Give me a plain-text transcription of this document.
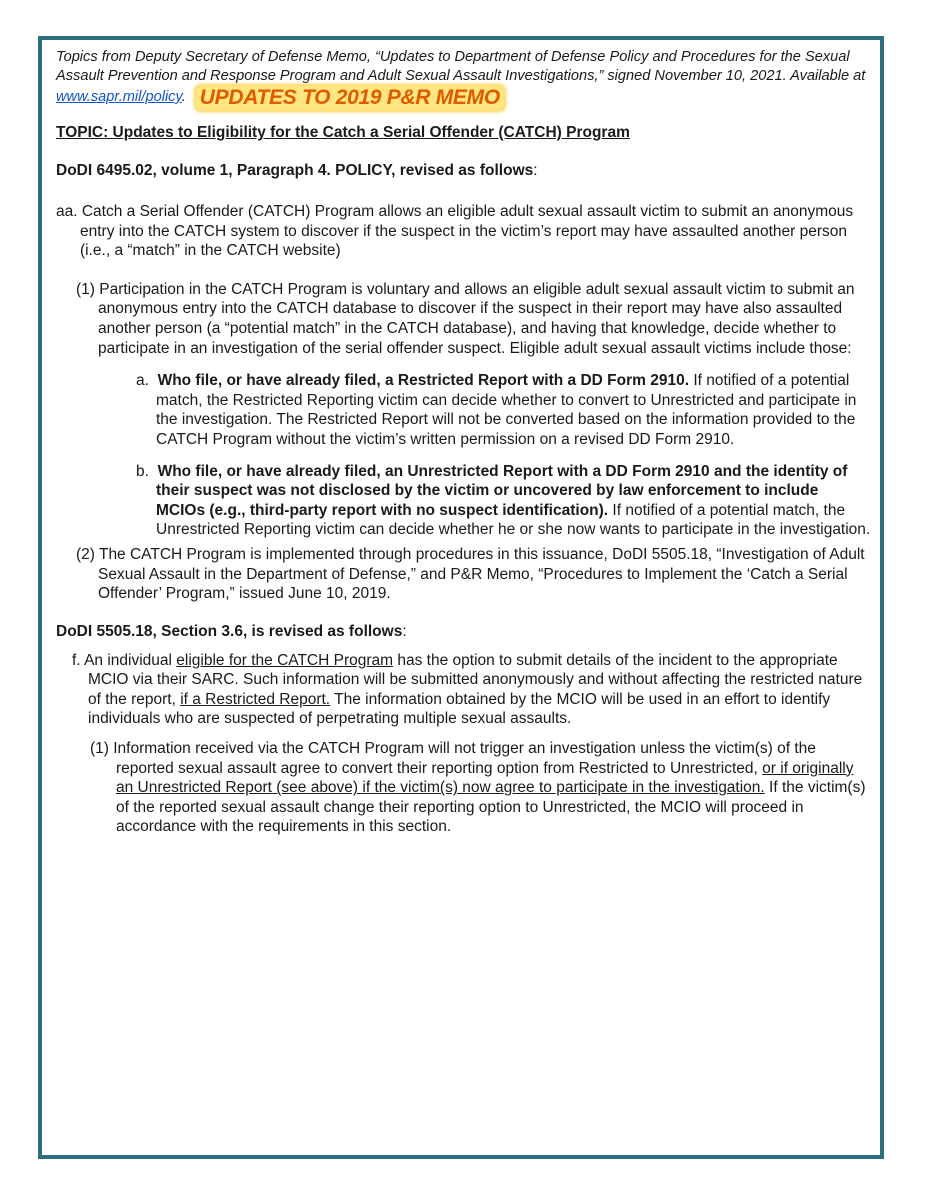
Topics from Deputy Secretary of Defense Memo, “Updates to Department of Defense Policy and Procedures for the Sexual Assault Prevention and Response Program and Adult Sexual Assault Investigations,” signed November 10, 2021. Available at www.sapr.mil/policy. UPDATES TO 2019 P&R MEMO

TOPIC: Updates to Eligibility for the Catch a Serial Offender (CATCH) Program

DoDI 6495.02, volume 1, Paragraph 4. POLICY, revised as follows:

aa. Catch a Serial Offender (CATCH) Program allows an eligible adult sexual assault victim to submit an anonymous entry into the CATCH system to discover if the suspect in the victim’s report may have assaulted another person (i.e., a “match” in the CATCH website)

(1) Participation in the CATCH Program is voluntary and allows an eligible adult sexual assault victim to submit an anonymous entry into the CATCH database to discover if the suspect in their report may have also assaulted another person (a “potential match” in the CATCH database), and having that knowledge, decide whether to participate in an investigation of the serial offender suspect. Eligible adult sexual assault victims include those:

a. Who file, or have already filed, a Restricted Report with a DD Form 2910. If notified of a potential match, the Restricted Reporting victim can decide whether to convert to Unrestricted and participate in the investigation. The Restricted Report will not be converted based on the information provided to the CATCH Program without the victim’s written permission on a revised DD Form 2910.

b. Who file, or have already filed, an Unrestricted Report with a DD Form 2910 and the identity of their suspect was not disclosed by the victim or uncovered by law enforcement to include MCIOs (e.g., third-party report with no suspect identification). If notified of a potential match, the Unrestricted Reporting victim can decide whether he or she now wants to participate in the investigation.

(2) The CATCH Program is implemented through procedures in this issuance, DoDI 5505.18, “Investigation of Adult Sexual Assault in the Department of Defense,” and P&R Memo, “Procedures to Implement the ‘Catch a Serial Offender’ Program,” issued June 10, 2019.

DoDI 5505.18, Section 3.6, is revised as follows:

f. An individual eligible for the CATCH Program has the option to submit details of the incident to the appropriate MCIO via their SARC. Such information will be submitted anonymously and without affecting the restricted nature of the report, if a Restricted Report. The information obtained by the MCIO will be used in an effort to identify individuals who are suspected of perpetrating multiple sexual assaults.

(1) Information received via the CATCH Program will not trigger an investigation unless the victim(s) of the reported sexual assault agree to convert their reporting option from Restricted to Unrestricted, or if originally an Unrestricted Report (see above) if the victim(s) now agree to participate in the investigation. If the victim(s) of the reported sexual assault change their reporting option to Unrestricted, the MCIO will proceed in accordance with the requirements in this section.
